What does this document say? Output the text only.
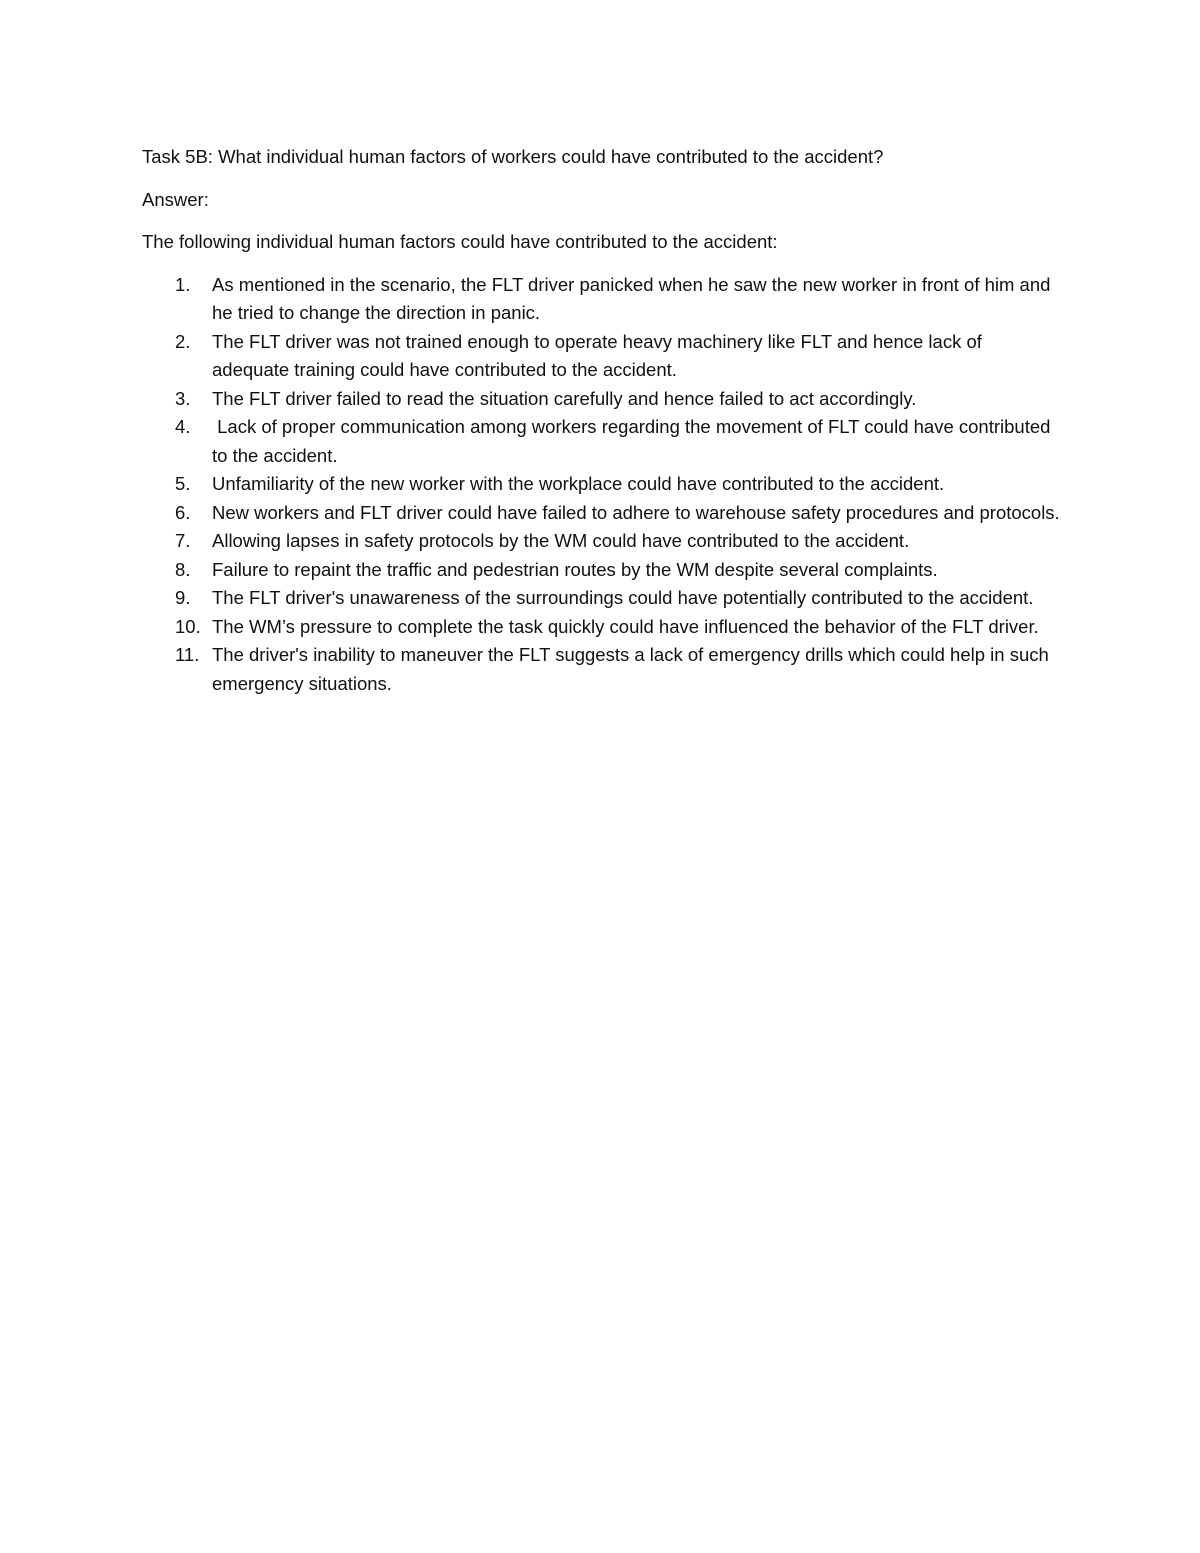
Task 5B: What individual human factors of workers could have contributed to the accident?

Answer:

The following individual human factors could have contributed to the accident:

1. As mentioned in the scenario, the FLT driver panicked when he saw the new worker in front of him and he tried to change the direction in panic.
2. The FLT driver was not trained enough to operate heavy machinery like FLT and hence lack of adequate training could have contributed to the accident.
3. The FLT driver failed to read the situation carefully and hence failed to act accordingly.
4. Lack of proper communication among workers regarding the movement of FLT could have contributed to the accident.
5. Unfamiliarity of the new worker with the workplace could have contributed to the accident.
6. New workers and FLT driver could have failed to adhere to warehouse safety procedures and protocols.
7. Allowing lapses in safety protocols by the WM could have contributed to the accident.
8. Failure to repaint the traffic and pedestrian routes by the WM despite several complaints.
9. The FLT driver's unawareness of the surroundings could have potentially contributed to the accident.
10. The WM’s pressure to complete the task quickly could have influenced the behavior of the FLT driver.
11. The driver's inability to maneuver the FLT suggests a lack of emergency drills which could help in such emergency situations.
